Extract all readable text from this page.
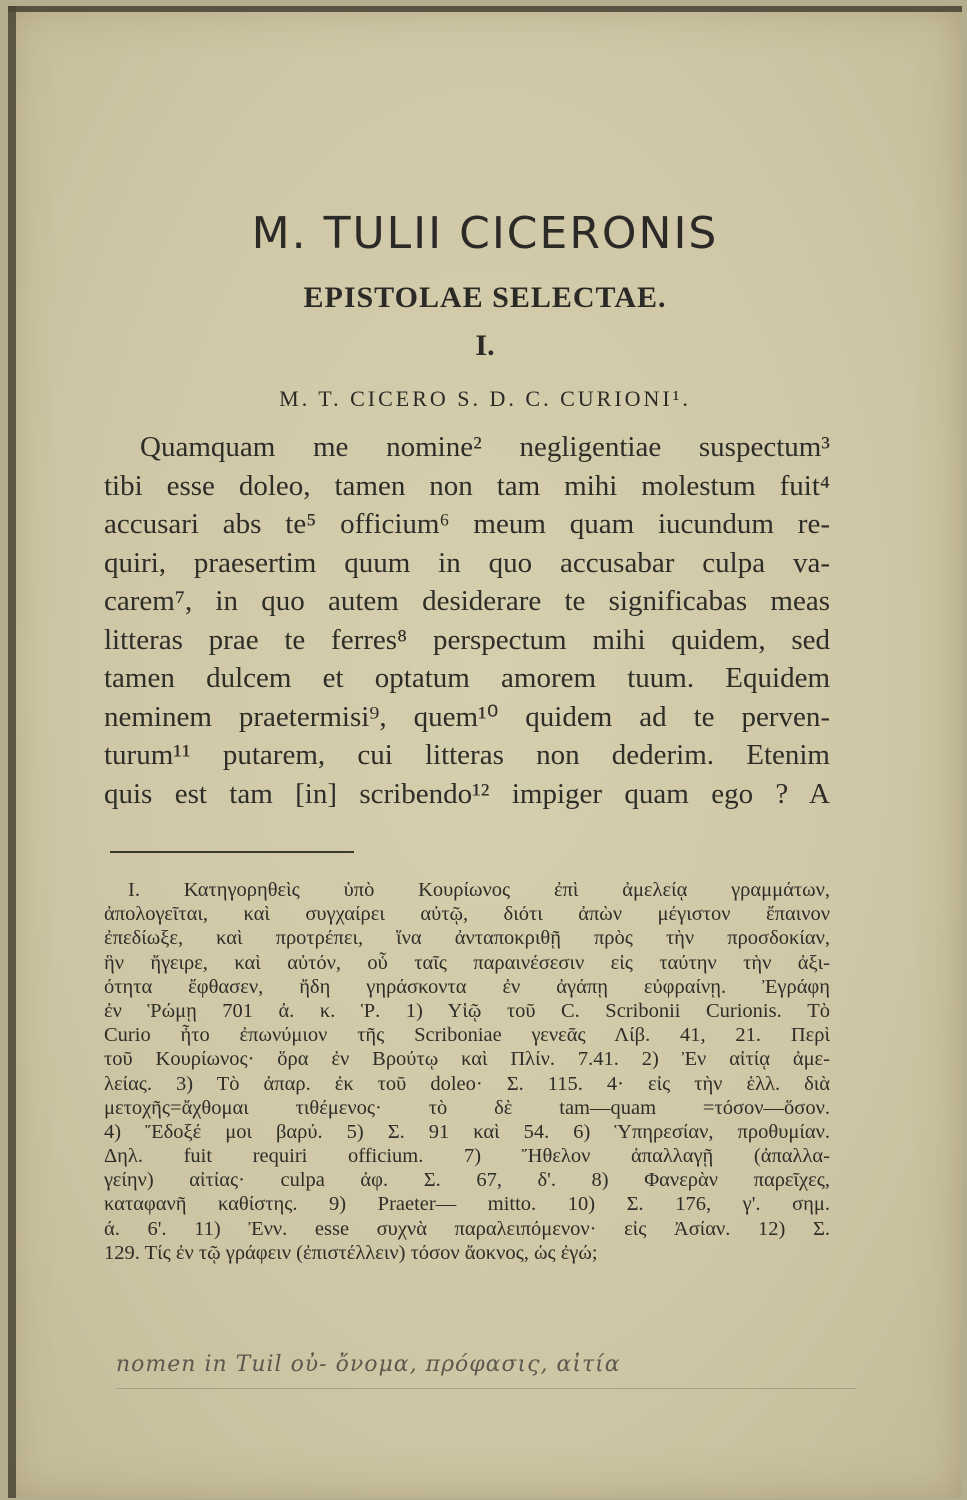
M. TULII CICERONIS
EPISTOLAE SELECTAE.
I.
M. T. CICERO S. D. C. CURIONI¹.
Quamquam me nomine² negligentiae suspectum³
tibi esse doleo, tamen non tam mihi molestum fuit⁴
accusari abs te⁵ officium⁶ meum quam iucundum re-
quiri, praesertim quum in quo accusabar culpa va-
carem⁷, in quo autem desiderare te significabas meas
litteras prae te ferres⁸ perspectum mihi quidem, sed
tamen dulcem et optatum amorem tuum. Equidem
neminem praetermisi⁹, quem¹⁰ quidem ad te perven-
turum¹¹ putarem, cui litteras non dederim. Etenim
quis est tam [in] scribendo¹² impiger quam ego ? A
I. Κατηγορηθεὶς ὑπὸ Κουρίωνος ἐπὶ ἀμελείᾳ γραμμάτων,
ἀπολογεῖται, καὶ συγχαίρει αὐτῷ, διότι ἀπὼν μέγιστον ἔπαινον
ἐπεδίωξε, καὶ προτρέπει, ἵνα ἀνταποκριθῇ πρὸς τὴν προσδοκίαν,
ἣν ἤγειρε, καὶ αὐτόν, οὗ ταῖς παραινέσεσιν εἰς ταύτην τὴν ἀξι-
ότητα ἔφθασεν, ἤδη γηράσκοντα ἐν ἀγάπῃ εὐφραίνῃ. Ἐγράφη
ἐν Ῥώμῃ 701 ἀ. κ. Ῥ. 1) Υἱῷ τοῦ C. Scribonii Curionis. Τὸ
Curio ἦτο ἐπωνύμιον τῆς Scriboniae γενεᾶς Λίβ. 41, 21. Περὶ
τοῦ Κουρίωνος· ὅρα ἐν Βρούτῳ καὶ Πλίν. 7.41. 2) Ἐν αἰτίᾳ ἀμε-
λείας. 3) Τὸ ἀπαρ. ἐκ τοῦ doleo· Σ. 115. 4· εἰς τὴν ἑλλ. διὰ
μετοχῆς=ἄχθομαι τιθέμενος· τὸ δὲ tam—quam =τόσον—ὅσον.
4) Ἔδοξέ μοι βαρύ. 5) Σ. 91 καὶ 54. 6) Ὑπηρεσίαν, προθυμίαν.
Δηλ. fuit requiri officium. 7) Ἤθελον ἀπαλλαγῇ (ἀπαλλα-
γείην) αἰτίας· culpa ἀφ. Σ. 67, δ'. 8) Φανερὰν παρεῖχες,
καταφανῆ καθίστης. 9) Praeter— mitto. 10) Σ. 176, γ'. σημ.
ά. 6'. 11) Ἐνν. esse συχνὰ παραλειπόμενον· εἰς Ἀσίαν. 12) Σ.
129. Τίς ἐν τῷ γράφειν (ἐπιστέλλειν) τόσον ἄοκνος, ὡς ἐγώ;
nomen in Tuil oὐ- ὄνομα, πρόφασις, αἰτία
